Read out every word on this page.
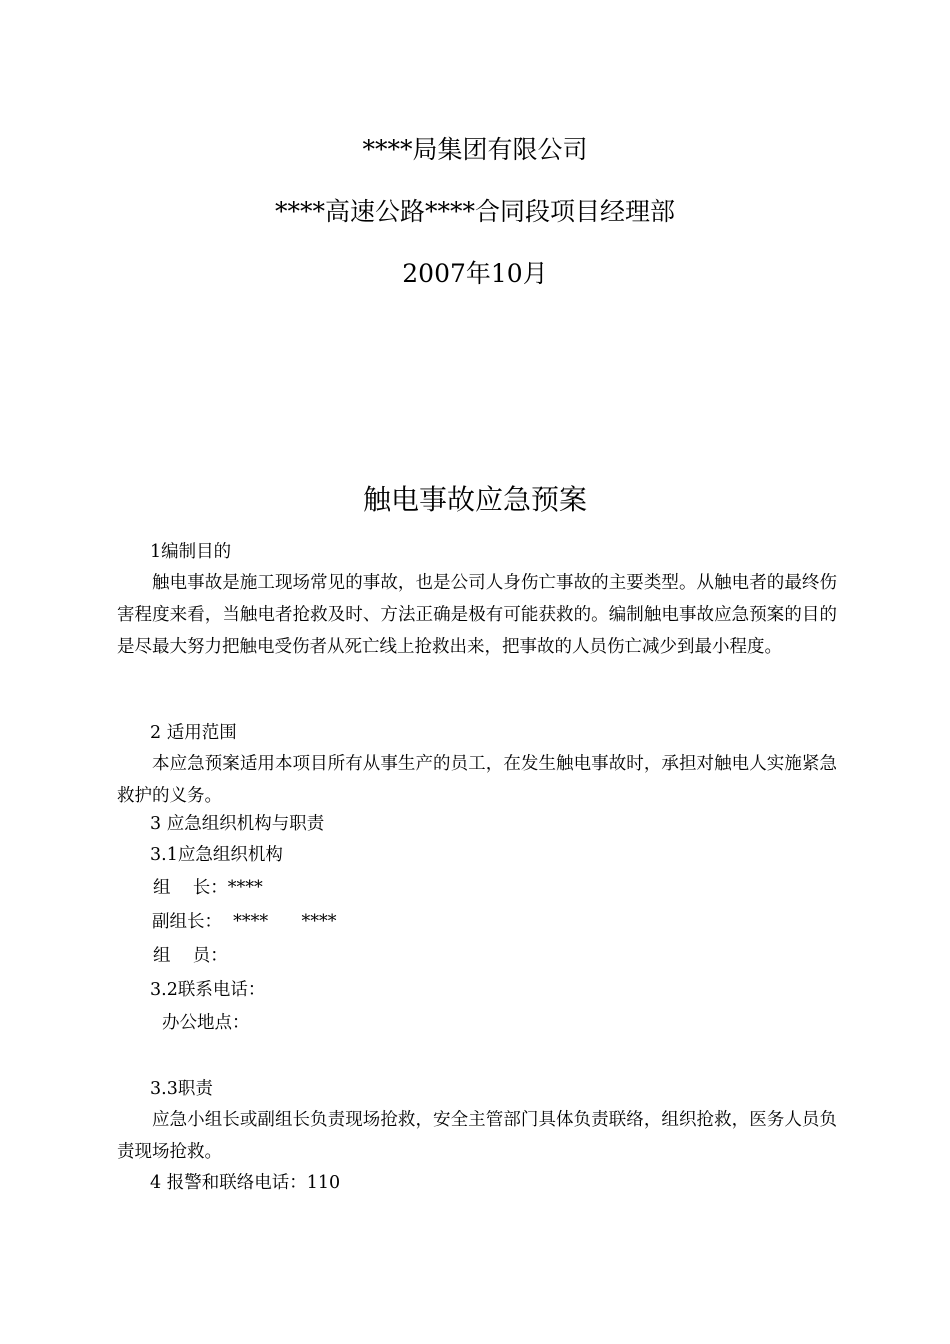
****局集团有限公司
****高速公路****合同段项目经理部
2007年10月
触电事故应急预案
1编制目的

触电事故是施工现场常见的事故，也是公司人身伤亡事故的主要类型。从触电者的最终伤害程度来看，当触电者抢救及时、方法正确是极有可能获救的。编制触电事故应急预案的目的是尽最大努力把触电受伤者从死亡线上抢救出来，把事故的人员伤亡减少到最小程度。

2 适用范围

本应急预案适用本项目所有从事生产的员工，在发生触电事故时，承担对触电人实施紧急救护的义务。

3 应急组织机构与职责
3.1应急组织机构
组    长：****
副组长：  ****      ****
组    员：
3.2联系电话：
办公地点：
3.3职责

应急小组长或副组长负责现场抢救，安全主管部门具体负责联络，组织抢救，医务人员负责现场抢救。

4 报警和联络电话：110
